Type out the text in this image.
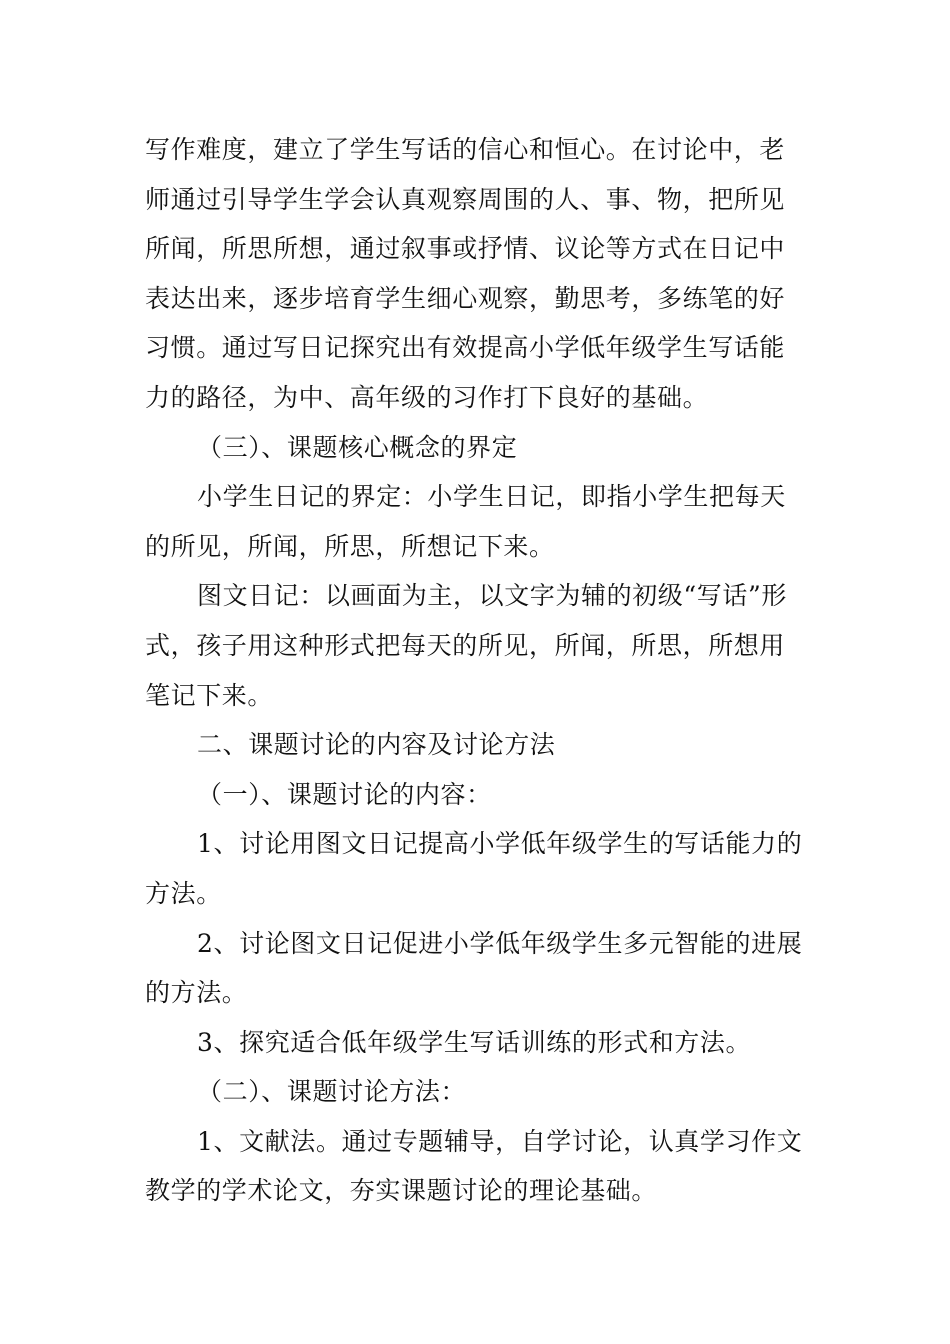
写作难度，建立了学生写话的信心和恒心。在讨论中，老师通过引导学生学会认真观察周围的人、事、物，把所见所闻，所思所想，通过叙事或抒情、议论等方式在日记中表达出来，逐步培育学生细心观察，勤思考，多练笔的好习惯。通过写日记探究出有效提高小学低年级学生写话能力的路径，为中、高年级的习作打下良好的基础。

（三）、课题核心概念的界定

小学生日记的界定：小学生日记，即指小学生把每天的所见，所闻，所思，所想记下来。

图文日记：以画面为主，以文字为辅的初级“写话”形式，孩子用这种形式把每天的所见，所闻，所思，所想用笔记下来。

二、课题讨论的内容及讨论方法

（一）、课题讨论的内容：

1、讨论用图文日记提高小学低年级学生的写话能力的方法。

2、讨论图文日记促进小学低年级学生多元智能的进展的方法。

3、探究适合低年级学生写话训练的形式和方法。

（二）、课题讨论方法：

1、文献法。通过专题辅导，自学讨论，认真学习作文教学的学术论文，夯实课题讨论的理论基础。
